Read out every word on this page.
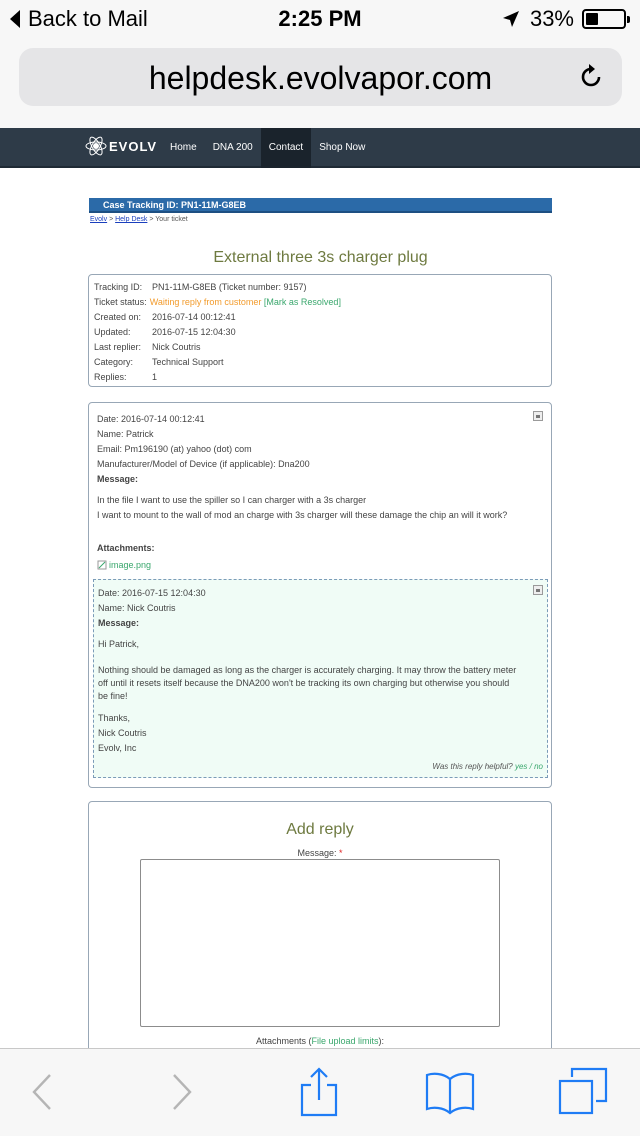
Back to Mail	2:25 PM	33%
helpdesk.evolvapor.com
EVOLV	Home	DNA 200	Contact	Shop Now
Case Tracking ID: PN1-11M-G8EB
Evolv > Help Desk > Your ticket
External three 3s charger plug
Tracking ID:	PN1-11M-G8EB (Ticket number: 9157)
Ticket status: Waiting reply from customer [ Mark as Resolved ]
Created on:	2016-07-14 00:12:41
Updated:	2016-07-15 12:04:30
Last replier:	Nick Coutris
Category:	Technical Support
Replies:	1
Date: 2016-07-14 00:12:41
Name: Patrick
Email: Pm196190 (at) yahoo (dot) com
Manufacturer/Model of Device (if applicable): Dna200
Message:
In the file I want to use the spiller so I can charger with a 3s charger
I want to mount to the wall of mod an charge with 3s charger will these damage the chip an will it work?
Attachments:
image.png
Date: 2016-07-15 12:04:30
Name: Nick Coutris
Message:
Hi Patrick,
Nothing should be damaged as long as the charger is accurately charging. It may throw the battery meter
off until it resets itself because the DNA200 won't be tracking its own charging but otherwise you should
be fine!
Thanks,
Nick Coutris
Evolv, Inc
Was this reply helpful? yes / no
Add reply
Message: *
Attachments (File upload limits):
